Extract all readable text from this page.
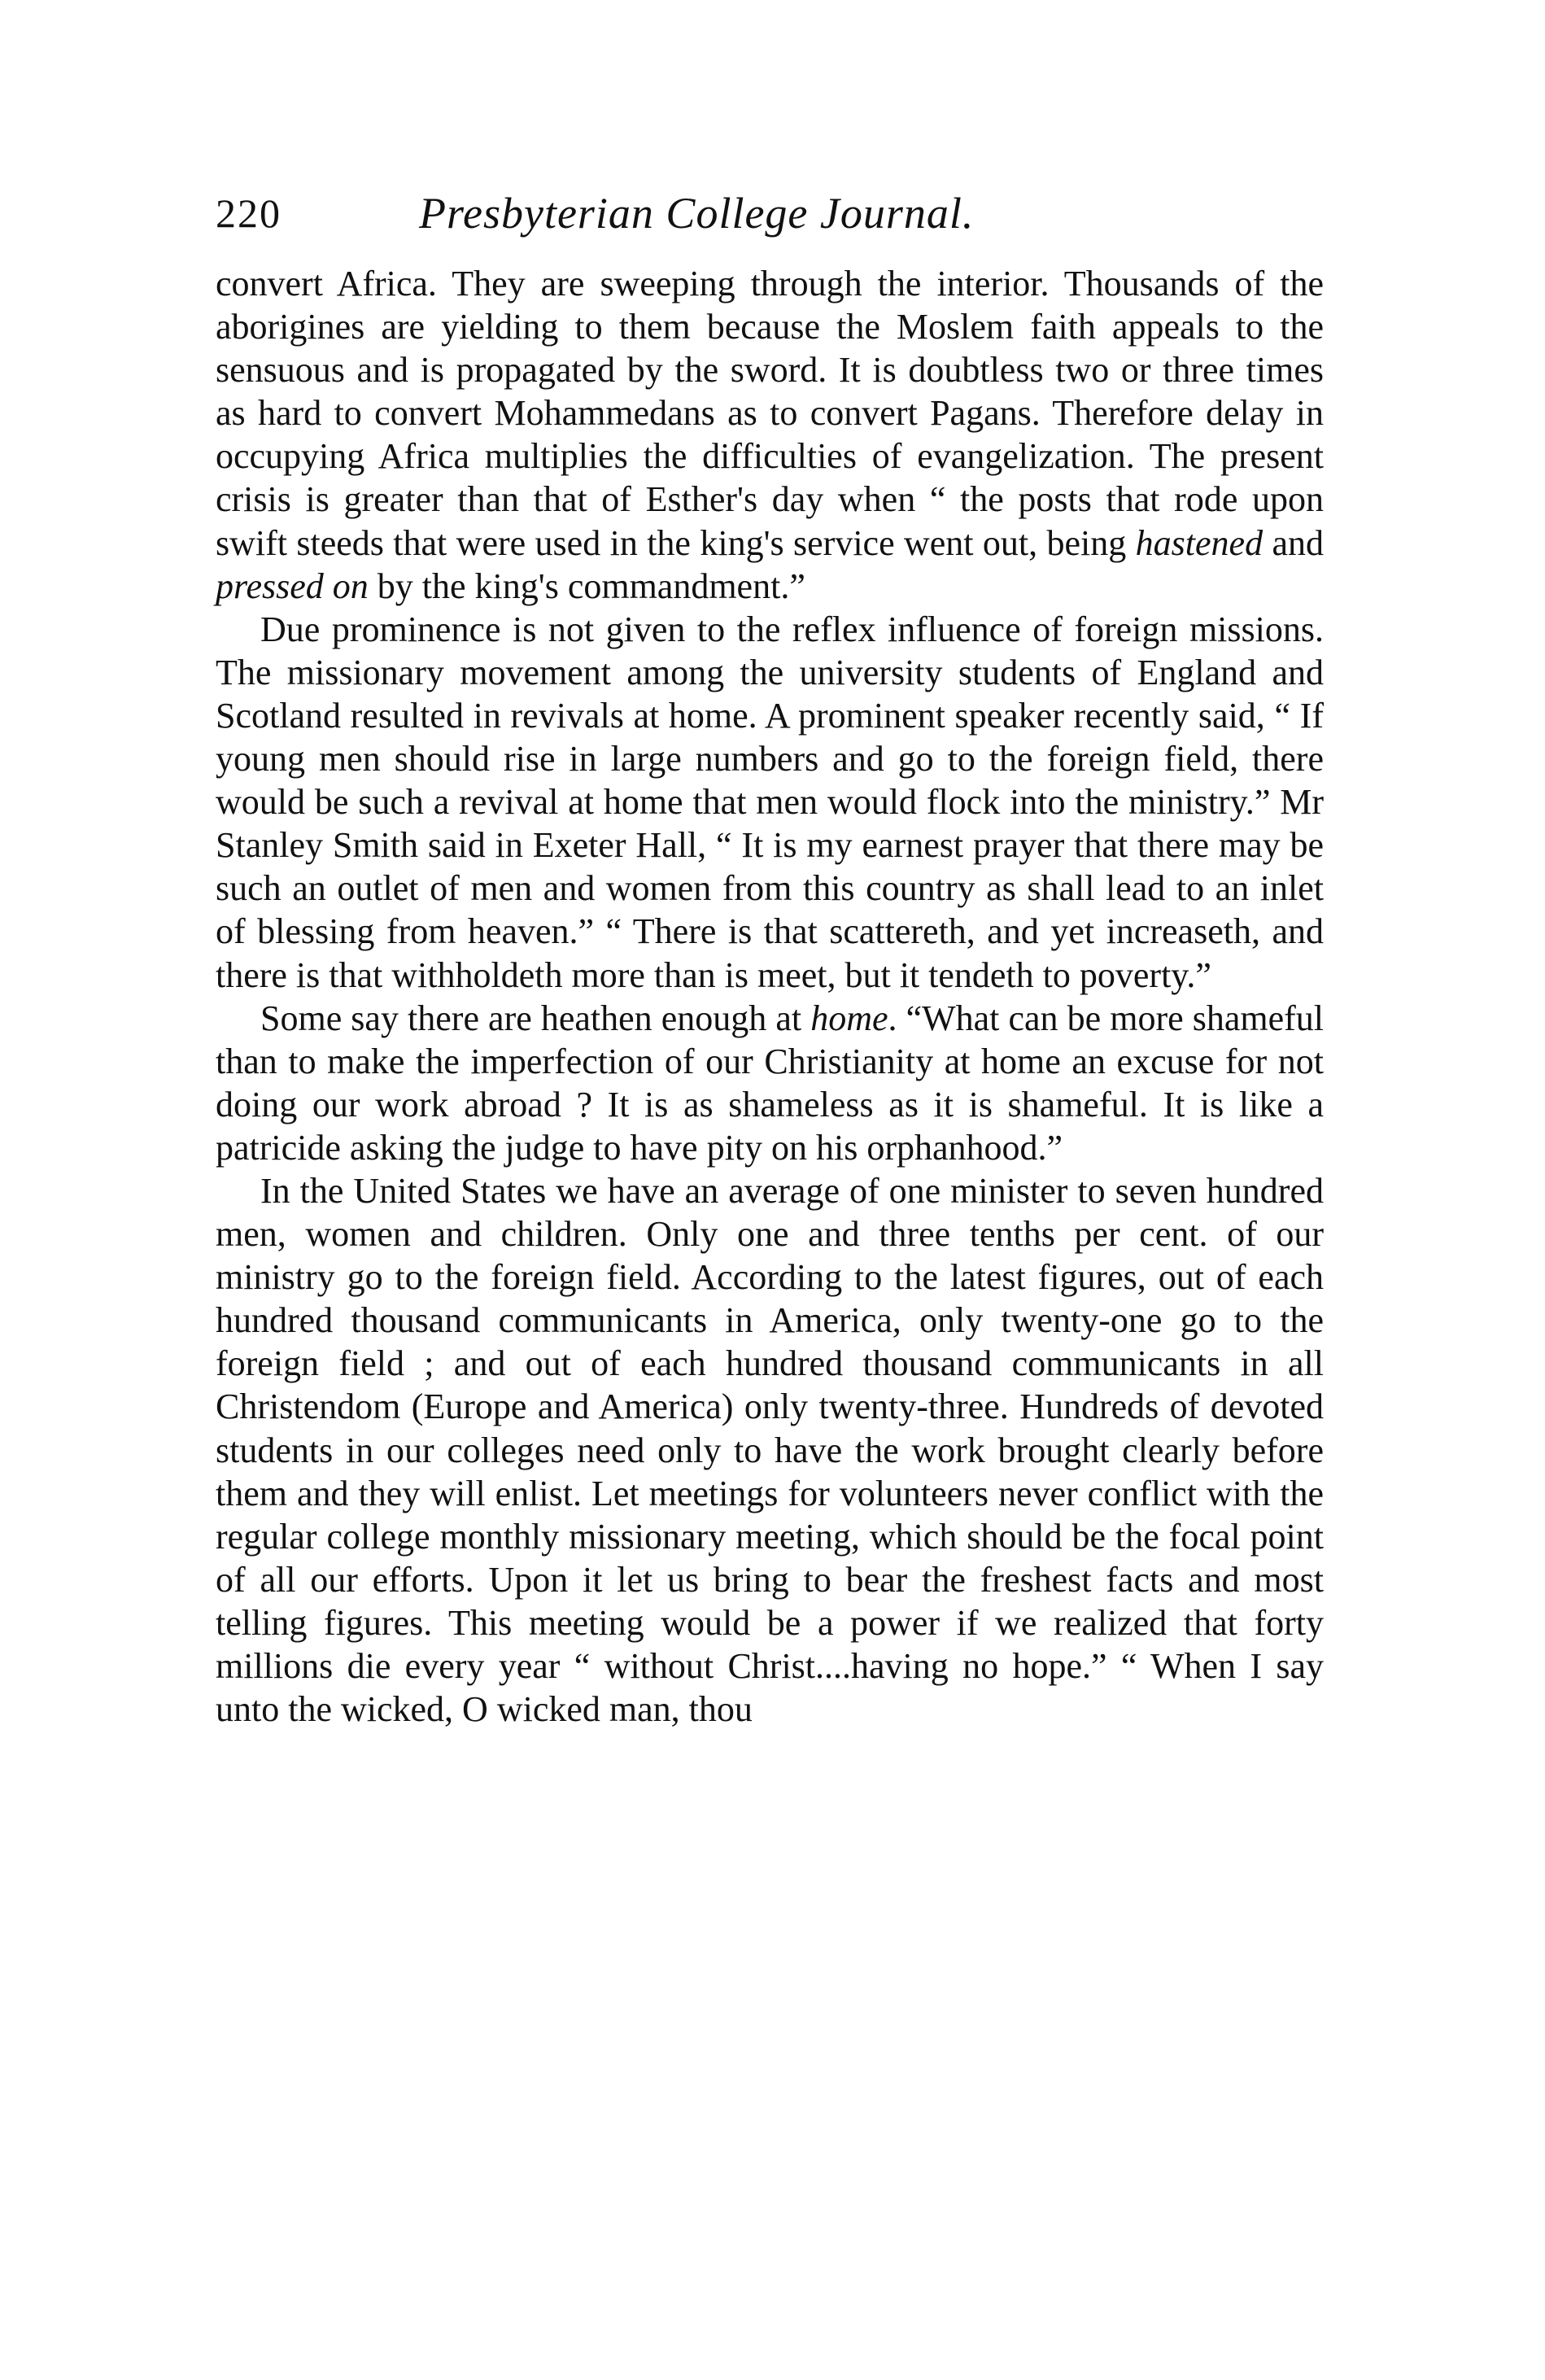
220	Presbyterian College Journal.

convert Africa. They are sweeping through the interior. Thousands of the aborigines are yielding to them because the Moslem faith appeals to the sensuous and is propagated by the sword. It is doubtless two or three times as hard to convert Mohammedans as to convert Pagans. Therefore delay in occupying Africa multiplies the difficulties of evangelization. The present crisis is greater than that of Esther's day when “ the posts that rode upon swift steeds that were used in the king's service went out, being hastened and pressed on by the king's commandment.”

Due prominence is not given to the reflex influence of foreign missions. The missionary movement among the university students of England and Scotland resulted in revivals at home. A prominent speaker recently said, “ If young men should rise in large numbers and go to the foreign field, there would be such a revival at home that men would flock into the ministry.” Mr Stanley Smith said in Exeter Hall, “ It is my earnest prayer that there may be such an outlet of men and women from this country as shall lead to an inlet of blessing from heaven.” “ There is that scattereth, and yet increaseth, and there is that withholdeth more than is meet, but it tendeth to poverty.”

Some say there are heathen enough at home. “What can be more shameful than to make the imperfection of our Christianity at home an excuse for not doing our work abroad ? It is as shameless as it is shameful. It is like a patricide asking the judge to have pity on his orphanhood.”

In the United States we have an average of one minister to seven hundred men, women and children. Only one and three tenths per cent. of our ministry go to the foreign field. According to the latest figures, out of each hundred thousand communicants in America, only twenty-one go to the foreign field ; and out of each hundred thousand communicants in all Christendom (Europe and America) only twenty-three. Hundreds of devoted students in our colleges need only to have the work brought clearly before them and they will enlist. Let meetings for volunteers never conflict with the regular college monthly missionary meeting, which should be the focal point of all our efforts. Upon it let us bring to bear the freshest facts and most telling figures. This meeting would be a power if we realized that forty millions die every year “ without Christ....having no hope.” “ When I say unto the wicked, O wicked man, thou
